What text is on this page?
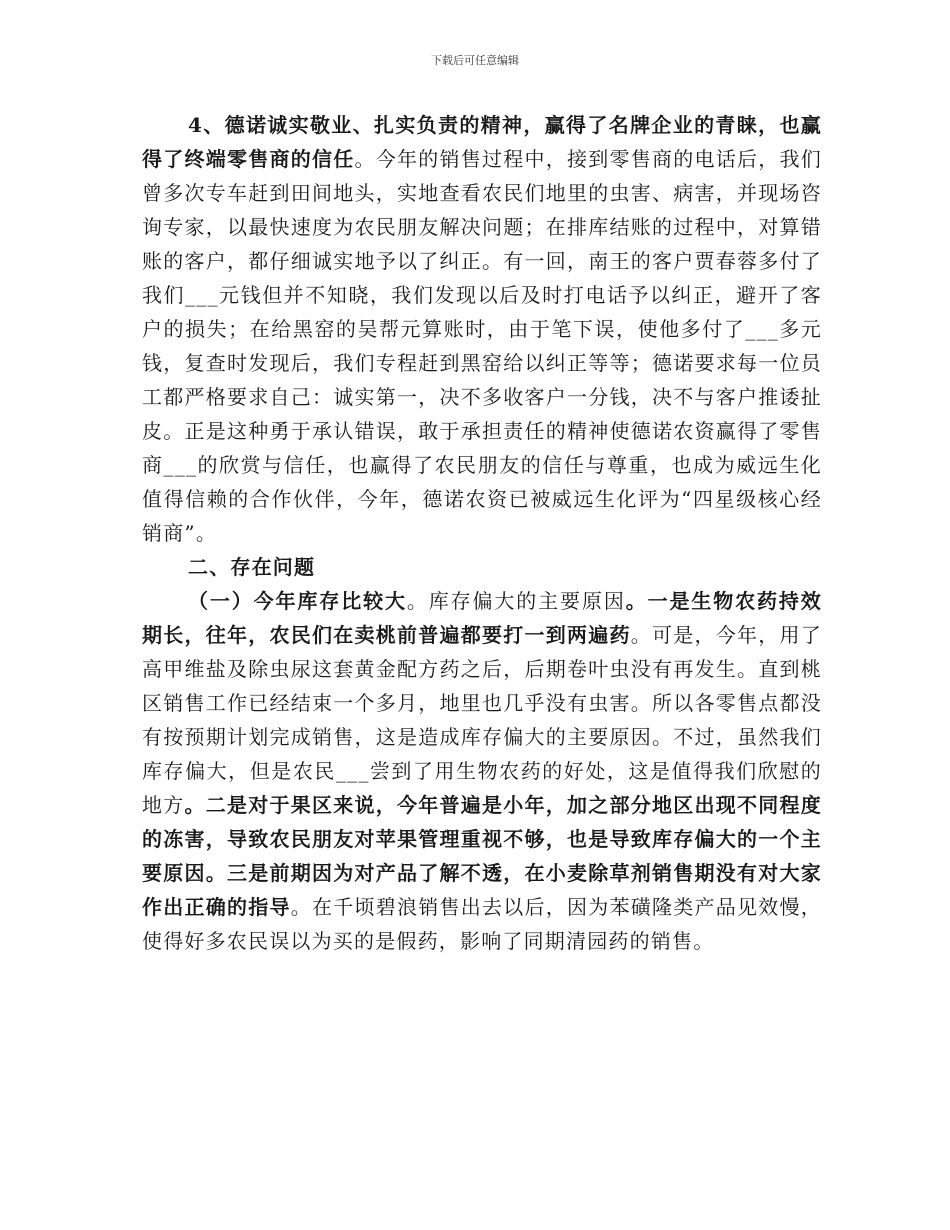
下载后可任意编辑

4、德诺诚实敬业、扎实负责的精神，赢得了名牌企业的青睐，也赢得了终端零售商的信任。今年的销售过程中，接到零售商的电话后，我们曾多次专车赶到田间地头，实地查看农民们地里的虫害、病害，并现场咨询专家，以最快速度为农民朋友解决问题；在排库结账的过程中，对算错账的客户，都仔细诚实地予以了纠正。有一回，南王的客户贾春蓉多付了我们___元钱但并不知晓，我们发现以后及时打电话予以纠正，避开了客户的损失；在给黑窑的吴帮元算账时，由于笔下误，使他多付了___多元钱，复查时发现后，我们专程赶到黑窑给以纠正等等；德诺要求每一位员工都严格要求自己：诚实第一，决不多收客户一分钱，决不与客户推诿扯皮。正是这种勇于承认错误，敢于承担责任的精神使德诺农资赢得了零售商___的欣赏与信任，也赢得了农民朋友的信任与尊重，也成为威远生化值得信赖的合作伙伴，今年，德诺农资已被威远生化评为“四星级核心经销商”。

二、存在问题

（一）今年库存比较大。库存偏大的主要原因。一是生物农药持效期长，往年，农民们在卖桃前普遍都要打一到两遍药。可是，今年，用了高甲维盐及除虫尿这套黄金配方药之后，后期卷叶虫没有再发生。直到桃区销售工作已经结束一个多月，地里也几乎没有虫害。所以各零售点都没有按预期计划完成销售，这是造成库存偏大的主要原因。不过，虽然我们库存偏大，但是农民___尝到了用生物农药的好处，这是值得我们欣慰的地方。二是对于果区来说，今年普遍是小年，加之部分地区出现不同程度的冻害，导致农民朋友对苹果管理重视不够，也是导致库存偏大的一个主要原因。三是前期因为对产品了解不透，在小麦除草剂销售期没有对大家作出正确的指导。在千顷碧浪销售出去以后，因为苯磺隆类产品见效慢，使得好多农民误以为买的是假药，影响了同期清园药的销售。
